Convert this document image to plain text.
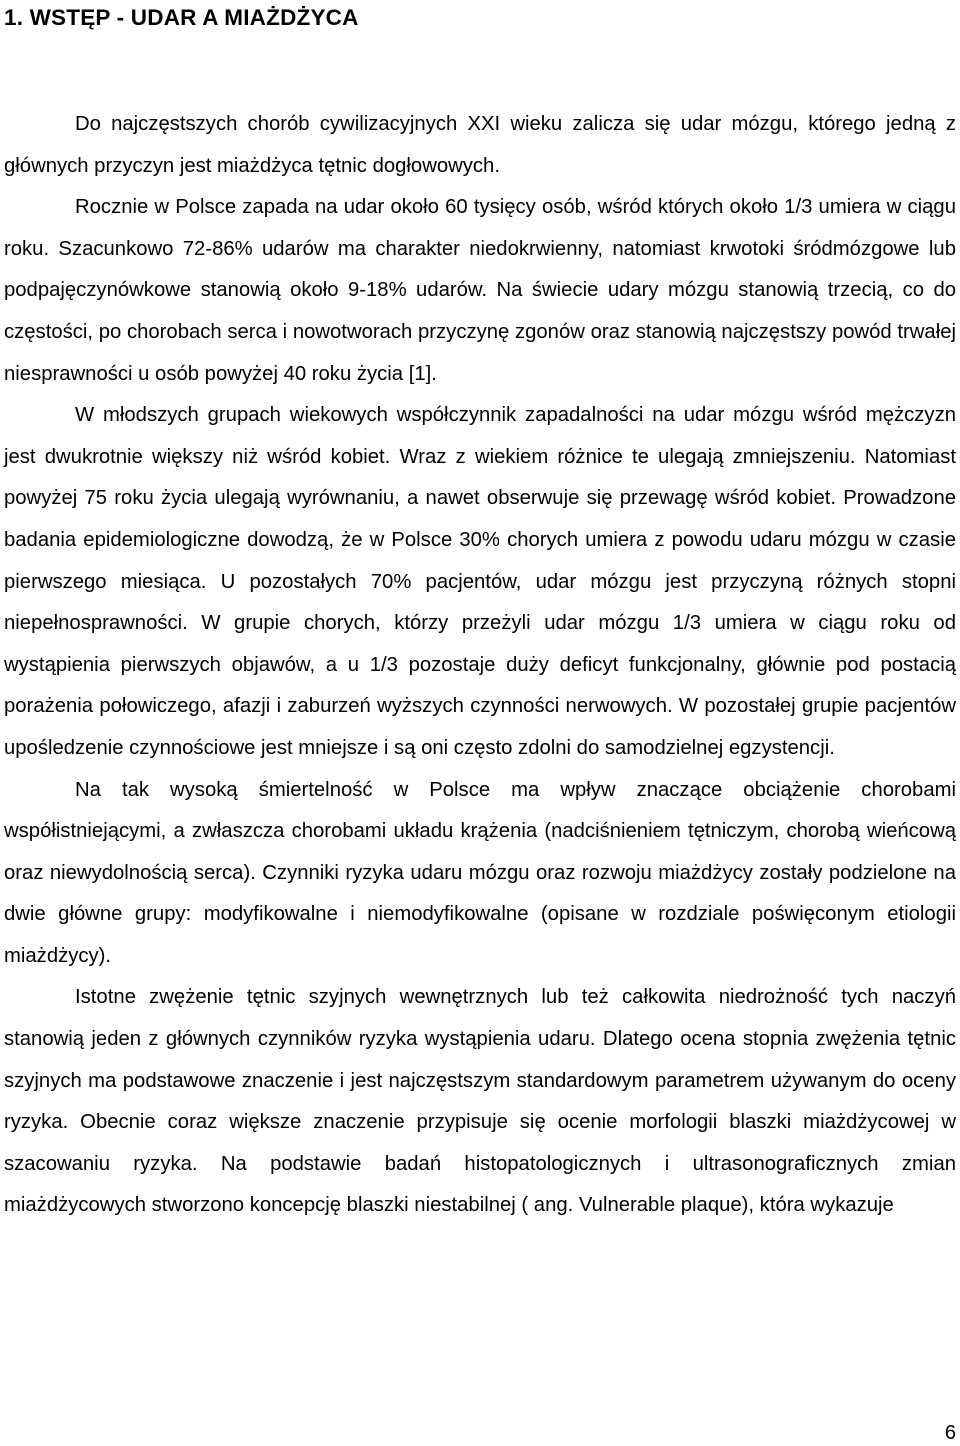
1. WSTĘP - UDAR A MIAŻDŻYCA

Do najczęstszych chorób cywilizacyjnych XXI wieku zalicza się udar mózgu, którego jedną z głównych przyczyn jest miażdżyca tętnic dogłowowych.

Rocznie w Polsce zapada na udar około 60 tysięcy osób, wśród których około 1/3 umiera w ciągu roku. Szacunkowo 72-86% udarów ma charakter niedokrwienny, natomiast krwotoki śródmózgowe lub podpajęczynówkowe stanowią około 9-18% udarów. Na świecie udary mózgu stanowią trzecią, co do częstości, po chorobach serca i nowotworach przyczynę zgonów oraz stanowią najczęstszy powód trwałej niesprawności u osób powyżej 40 roku życia [1].

W młodszych grupach wiekowych współczynnik zapadalności na udar mózgu wśród mężczyzn jest dwukrotnie większy niż wśród kobiet. Wraz z wiekiem różnice te ulegają zmniejszeniu. Natomiast powyżej 75 roku życia ulegają wyrównaniu, a nawet obserwuje się przewagę wśród kobiet. Prowadzone badania epidemiologiczne dowodzą, że w Polsce 30% chorych umiera z powodu udaru mózgu w czasie pierwszego miesiąca. U pozostałych 70% pacjentów, udar mózgu jest przyczyną różnych stopni niepełnosprawności. W grupie chorych, którzy przeżyli udar mózgu 1/3 umiera w ciągu roku od wystąpienia pierwszych objawów, a u 1/3 pozostaje duży deficyt funkcjonalny, głównie pod postacią porażenia połowiczego, afazji i zaburzeń wyższych czynności nerwowych. W pozostałej grupie pacjentów upośledzenie czynnościowe jest mniejsze i są oni często zdolni do samodzielnej egzystencji.

Na tak wysoką śmiertelność w Polsce ma wpływ znaczące obciążenie chorobami współistniejącymi, a zwłaszcza chorobami układu krążenia (nadciśnieniem tętniczym, chorobą wieńcową oraz niewydolnością serca). Czynniki ryzyka udaru mózgu oraz rozwoju miażdżycy zostały podzielone na dwie główne grupy: modyfikowalne i niemodyfikowalne (opisane w rozdziale poświęconym etiologii miażdżycy).

Istotne zwężenie tętnic szyjnych wewnętrznych lub też całkowita niedrożność tych naczyń stanowią jeden z głównych czynników ryzyka wystąpienia udaru. Dlatego ocena stopnia zwężenia tętnic szyjnych ma podstawowe znaczenie i jest najczęstszym standardowym parametrem używanym do oceny ryzyka. Obecnie coraz większe znaczenie przypisuje się ocenie morfologii blaszki miażdżycowej w szacowaniu ryzyka. Na podstawie badań histopatologicznych i ultrasonograficznych zmian miażdżycowych stworzono koncepcję blaszki niestabilnej ( ang. Vulnerable plaque), która wykazuje

6
